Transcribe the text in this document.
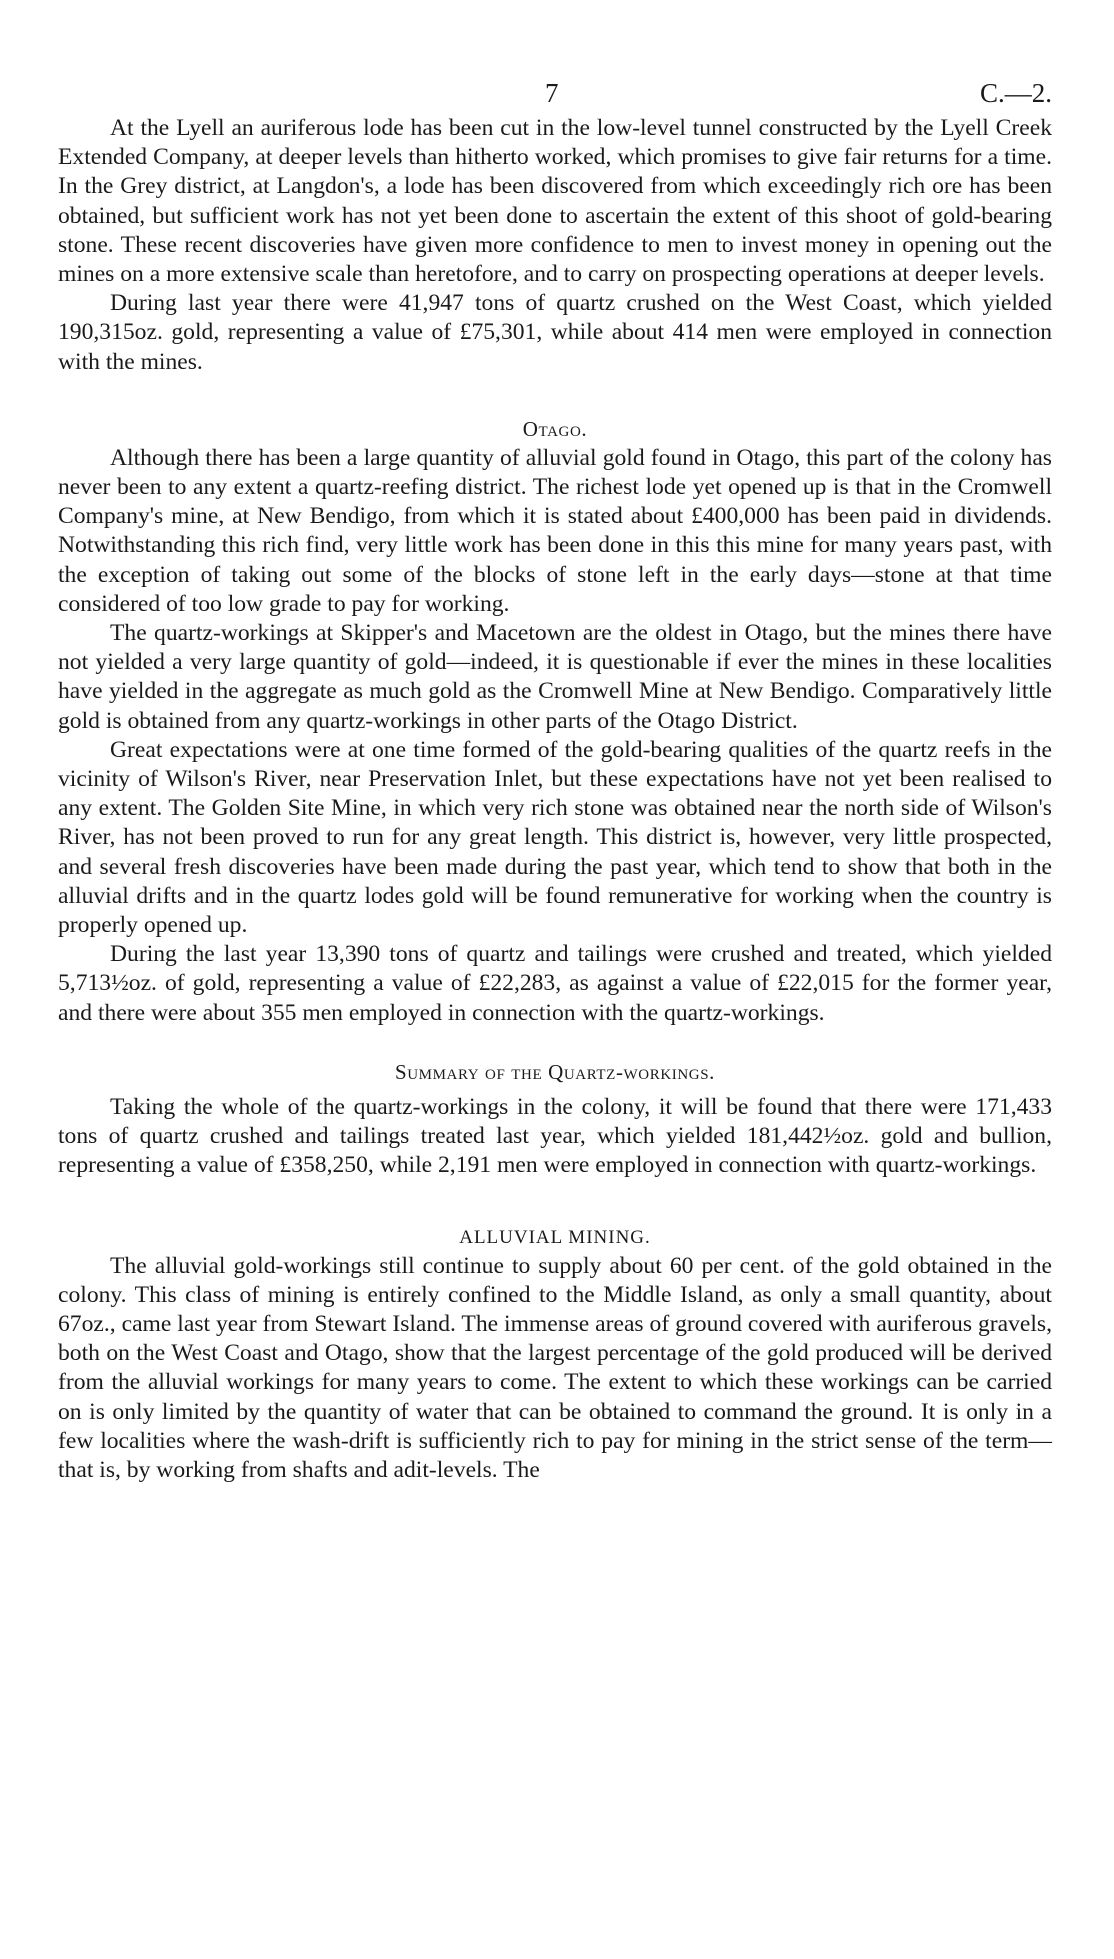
7	C.—2.

At the Lyell an auriferous lode has been cut in the low-level tunnel constructed by the Lyell Creek Extended Company, at deeper levels than hitherto worked, which promises to give fair returns for a time. In the Grey district, at Langdon's, a lode has been discovered from which exceedingly rich ore has been obtained, but sufficient work has not yet been done to ascertain the extent of this shoot of gold-bearing stone. These recent discoveries have given more confidence to men to invest money in opening out the mines on a more extensive scale than heretofore, and to carry on prospecting operations at deeper levels.

During last year there were 41,947 tons of quartz crushed on the West Coast, which yielded 190,315oz. gold, representing a value of £75,301, while about 414 men were employed in connection with the mines.

Otago.

Although there has been a large quantity of alluvial gold found in Otago, this part of the colony has never been to any extent a quartz-reefing district. The richest lode yet opened up is that in the Cromwell Company's mine, at New Bendigo, from which it is stated about £400,000 has been paid in dividends. Notwithstanding this rich find, very little work has been done in this this mine for many years past, with the exception of taking out some of the blocks of stone left in the early days—stone at that time considered of too low grade to pay for working.

The quartz-workings at Skipper's and Macetown are the oldest in Otago, but the mines there have not yielded a very large quantity of gold—indeed, it is questionable if ever the mines in these localities have yielded in the aggregate as much gold as the Cromwell Mine at New Bendigo. Comparatively little gold is obtained from any quartz-workings in other parts of the Otago District.

Great expectations were at one time formed of the gold-bearing qualities of the quartz reefs in the vicinity of Wilson's River, near Preservation Inlet, but these expectations have not yet been realised to any extent. The Golden Site Mine, in which very rich stone was obtained near the north side of Wilson's River, has not been proved to run for any great length. This district is, however, very little prospected, and several fresh discoveries have been made during the past year, which tend to show that both in the alluvial drifts and in the quartz lodes gold will be found remunerative for working when the country is properly opened up.

During the last year 13,390 tons of quartz and tailings were crushed and treated, which yielded 5,713½oz. of gold, representing a value of £22,283, as against a value of £22,015 for the former year, and there were about 355 men employed in connection with the quartz-workings.

Summary of the Quartz-workings.

Taking the whole of the quartz-workings in the colony, it will be found that there were 171,433 tons of quartz crushed and tailings treated last year, which yielded 181,442½oz. gold and bullion, representing a value of £358,250, while 2,191 men were employed in connection with quartz-workings.

ALLUVIAL MINING.

The alluvial gold-workings still continue to supply about 60 per cent. of the gold obtained in the colony. This class of mining is entirely confined to the Middle Island, as only a small quantity, about 67oz., came last year from Stewart Island. The immense areas of ground covered with auriferous gravels, both on the West Coast and Otago, show that the largest percentage of the gold produced will be derived from the alluvial workings for many years to come. The extent to which these workings can be carried on is only limited by the quantity of water that can be obtained to command the ground. It is only in a few localities where the wash-drift is sufficiently rich to pay for mining in the strict sense of the term—that is, by working from shafts and adit-levels. The
